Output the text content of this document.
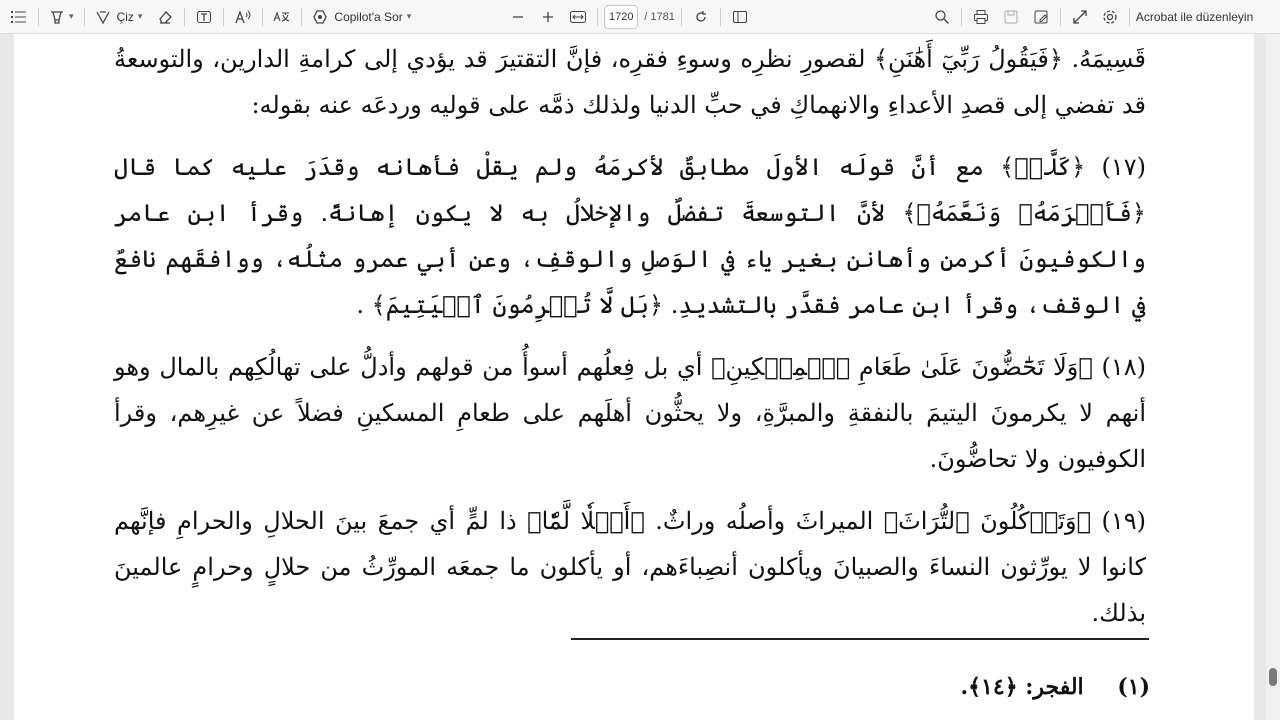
▾	Çiz ▾	Copilot'a Sor ▾	1720 / 1781	Acrobat ile düzenleyin

قَسِيمَهُ. ﴿فَيَقُولُ رَبِّيٓ أَهَٰنَنِ﴾ لقصورِ نظرِه وسوءِ فقرِه، فإنَّ التقتيرَ قد يؤدي إلى كرامةِ الدارين، والتوسعةُ قد تفضي إلى قصدِ الأعداءِ والانهماكِ في حبِّ الدنيا ولذلك ذمَّه على قوليه وردعَه عنه بقوله:

(١٧) ﴿كَلَّاۖ﴾ مع أنَّ قولَه الأولَ مطابقٌ لأكرمَهُ ولم يقلْ فأهانه وقدَرَ عليه كما قال ﴿فَأَكۡرَمَهُۥ وَنَعَّمَهُۥ﴾ لأنَّ التوسعةَ تفضلٌ والإخلالُ به لا يكون إهانةً. وقرأ ابن عامر والكوفيونَ أكرمنِ وأهاننِ بغير ياء في الوَصلِ والوقفِ، وعن أبي عمرو مثلُه، ووافقَهم نافعٌ في الوقف، وقرأ ابن عامر فقدَّر بالتشديدِ. ﴿بَل لَّا تُكۡرِمُونَ ٱلۡيَتِيمَ﴾ .

(١٨) ﴿وَلَا تَحَٰٓضُّونَ عَلَىٰ طَعَامِ ٱلۡمِسۡكِينِ﴾ أي بل فِعلُهم أسوأُ من قولهم وأدلُّ على تهالُكِهم بالمال وهو أنهم لا يكرمونَ اليتيمَ بالنفقةِ والمبرَّةِ، ولا يحثُّون أهلَهم على طعامِ المسكينِ فضلاً عن غيرِهم، وقرأ الكوفيون ولا تحاضُّونَ.

(١٩) ﴿وَتَأۡكُلُونَ ٱلتُّرَاثَ﴾ الميراثَ وأصلُه وراثٌ. ﴿أَكۡلٗا لَّمّٗا﴾ ذا لمٍّ أي جمعَ بينَ الحلالِ والحرامِ فإنَّهم كانوا لا يورِّثون النساءَ والصبيانَ ويأكلون أنصِباءَهم، أو يأكلون ما جمعَه المورِّثُ من حلالٍ وحرامٍ عالمينَ بذلك.

(١) الفجر: ﴿١٤﴾.
